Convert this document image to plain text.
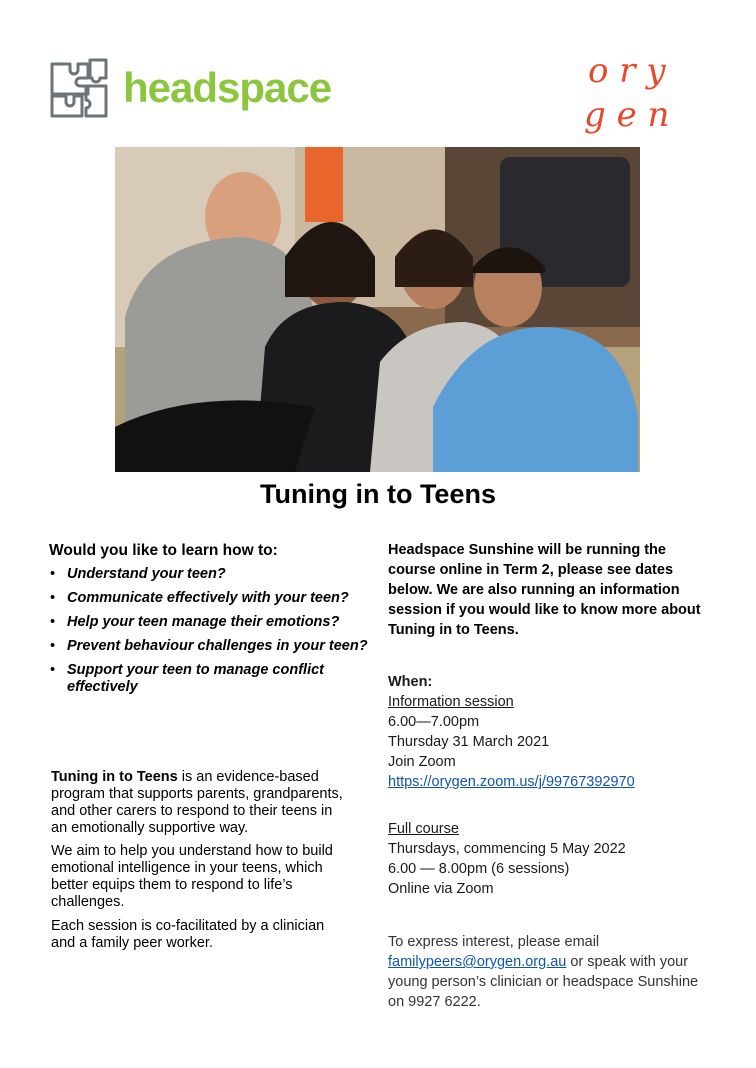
headspace	o r y
g e n
Tuning in to Teens
Would you like to learn how to:
• Understand your teen?
• Communicate effectively with your teen?
• Help your teen manage their emotions?
• Prevent behaviour challenges in your teen?
• Support your teen to manage conflict effectively
Tuning in to Teens is an evidence-based program that supports parents, grandparents, and other carers to respond to their teens in an emotionally supportive way.
We aim to help you understand how to build emotional intelligence in your teens, which better equips them to respond to life’s challenges.
Each session is co-facilitated by a clinician and a family peer worker.
Headspace Sunshine will be running the course online in Term 2, please see dates below. We are also running an information session if you would like to know more about Tuning in to Teens.
When:
Information session
6.00—7.00pm
Thursday 31 March 2021
Join Zoom
https://orygen.zoom.us/j/99767392970
Full course
Thursdays, commencing 5 May 2022
6.00 — 8.00pm (6 sessions)
Online via Zoom
To express interest, please email
familypeers@orygen.org.au or speak with your young person’s clinician or headspace Sunshine on 9927 6222.
